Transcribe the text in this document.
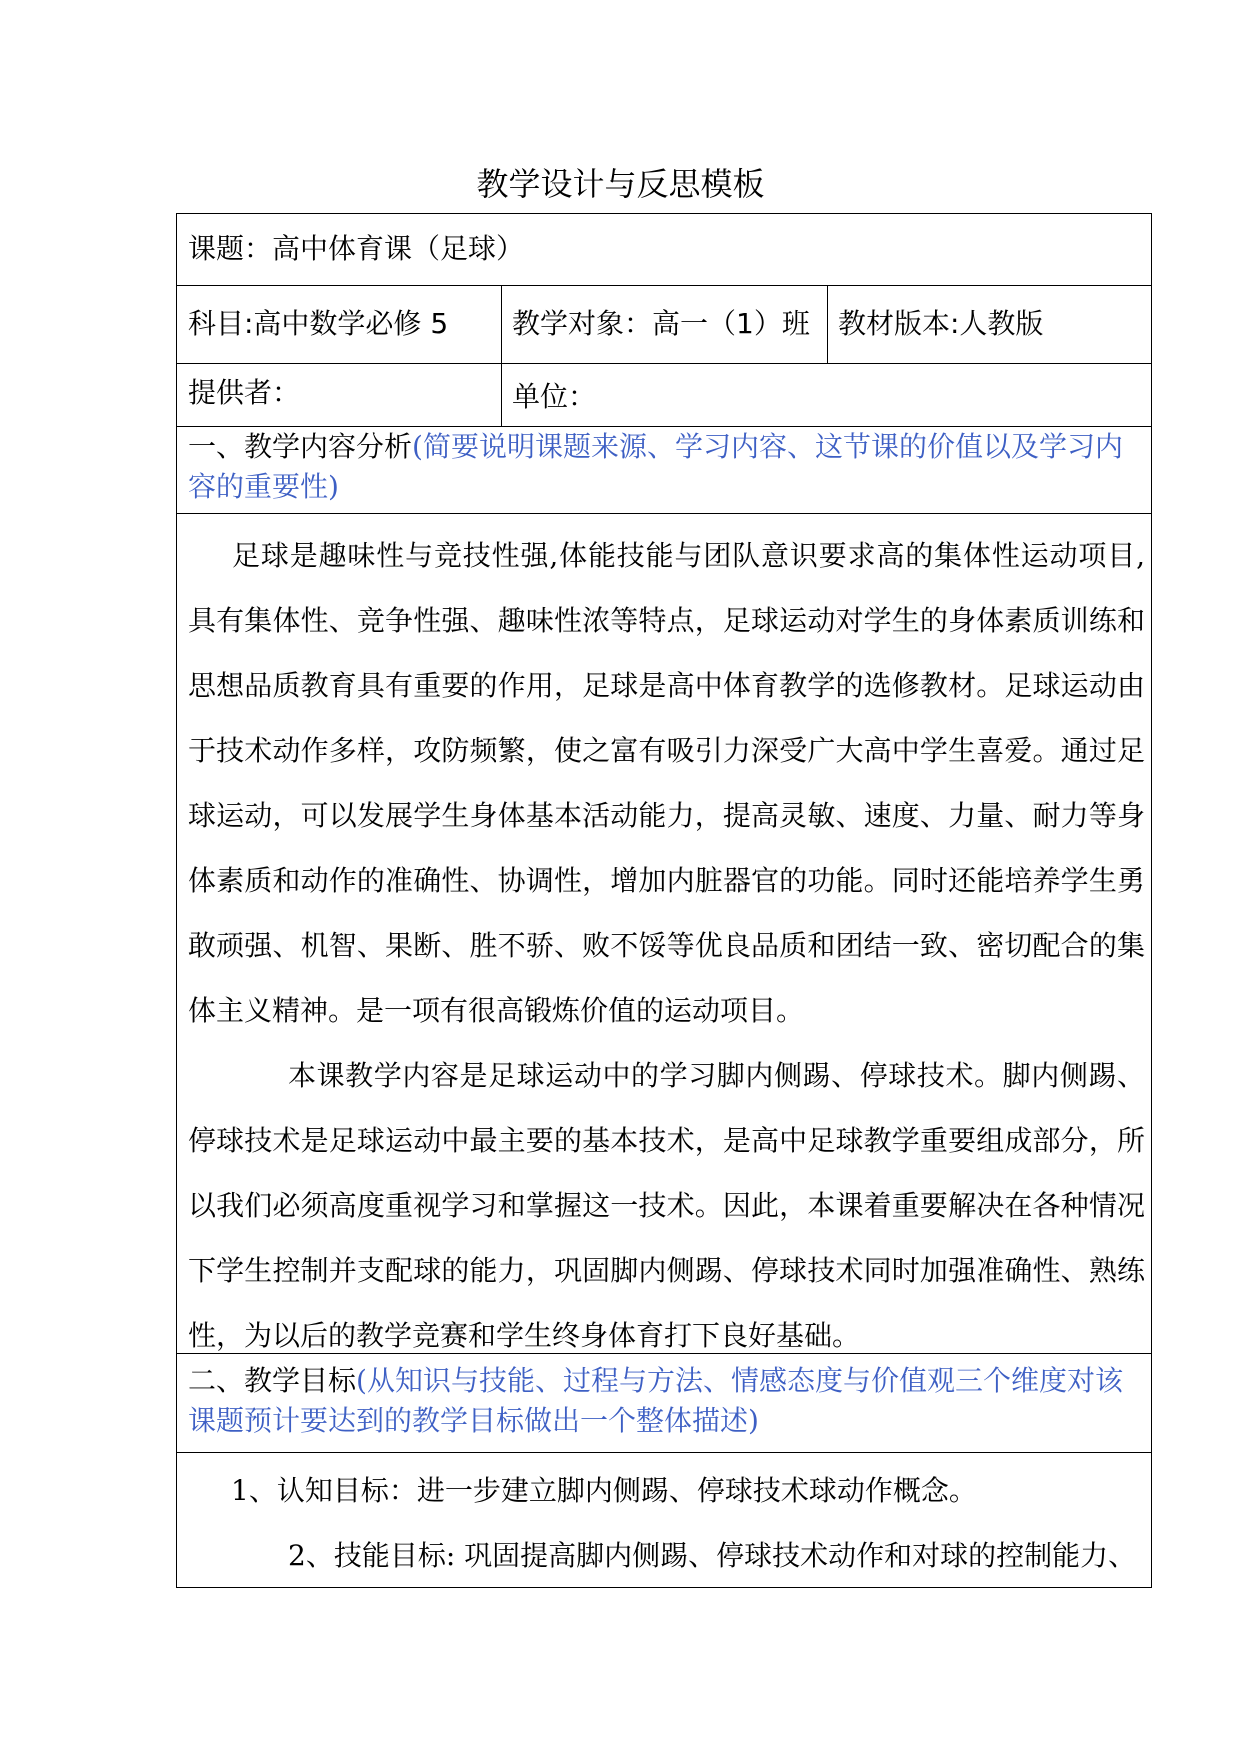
教学设计与反思模板
课题：高中体育课（足球）
科目:高中数学必修 5 教学对象：高一（1）班 教材版本:人教版
提供者：	单位：
一、教学内容分析(简要说明课题来源、学习内容、这节课的价值以及学习内容的重要性)

足球是趣味性与竞技性强,体能技能与团队意识要求高的集体性运动项目,具有集体性、竞争性强、趣味性浓等特点，足球运动对学生的身体素质训练和思想品质教育具有重要的作用，足球是高中体育教学的选修教材。足球运动由于技术动作多样，攻防频繁，使之富有吸引力深受广大高中学生喜爱。通过足球运动，可以发展学生身体基本活动能力，提高灵敏、速度、力量、耐力等身体素质和动作的准确性、协调性，增加内脏器官的功能。同时还能培养学生勇敢顽强、机智、果断、胜不骄、败不馁等优良品质和团结一致、密切配合的集体主义精神。是一项有很高锻炼价值的运动项目。

本课教学内容是足球运动中的学习脚内侧踢、停球技术。脚内侧踢、停球技术是足球运动中最主要的基本技术，是高中足球教学重要组成部分，所以我们必须高度重视学习和掌握这一技术。因此，本课着重要解决在各种情况下学生控制并支配球的能力，巩固脚内侧踢、停球技术同时加强准确性、熟练性，为以后的教学竞赛和学生终身体育打下良好基础。

二、教学目标(从知识与技能、过程与方法、情感态度与价值观三个维度对该课题预计要达到的教学目标做出一个整体描述)
1、认知目标：进一步建立脚内侧踢、停球技术球动作概念。
2、技能目标: 巩固提高脚内侧踢、停球技术动作和对球的控制能力、
